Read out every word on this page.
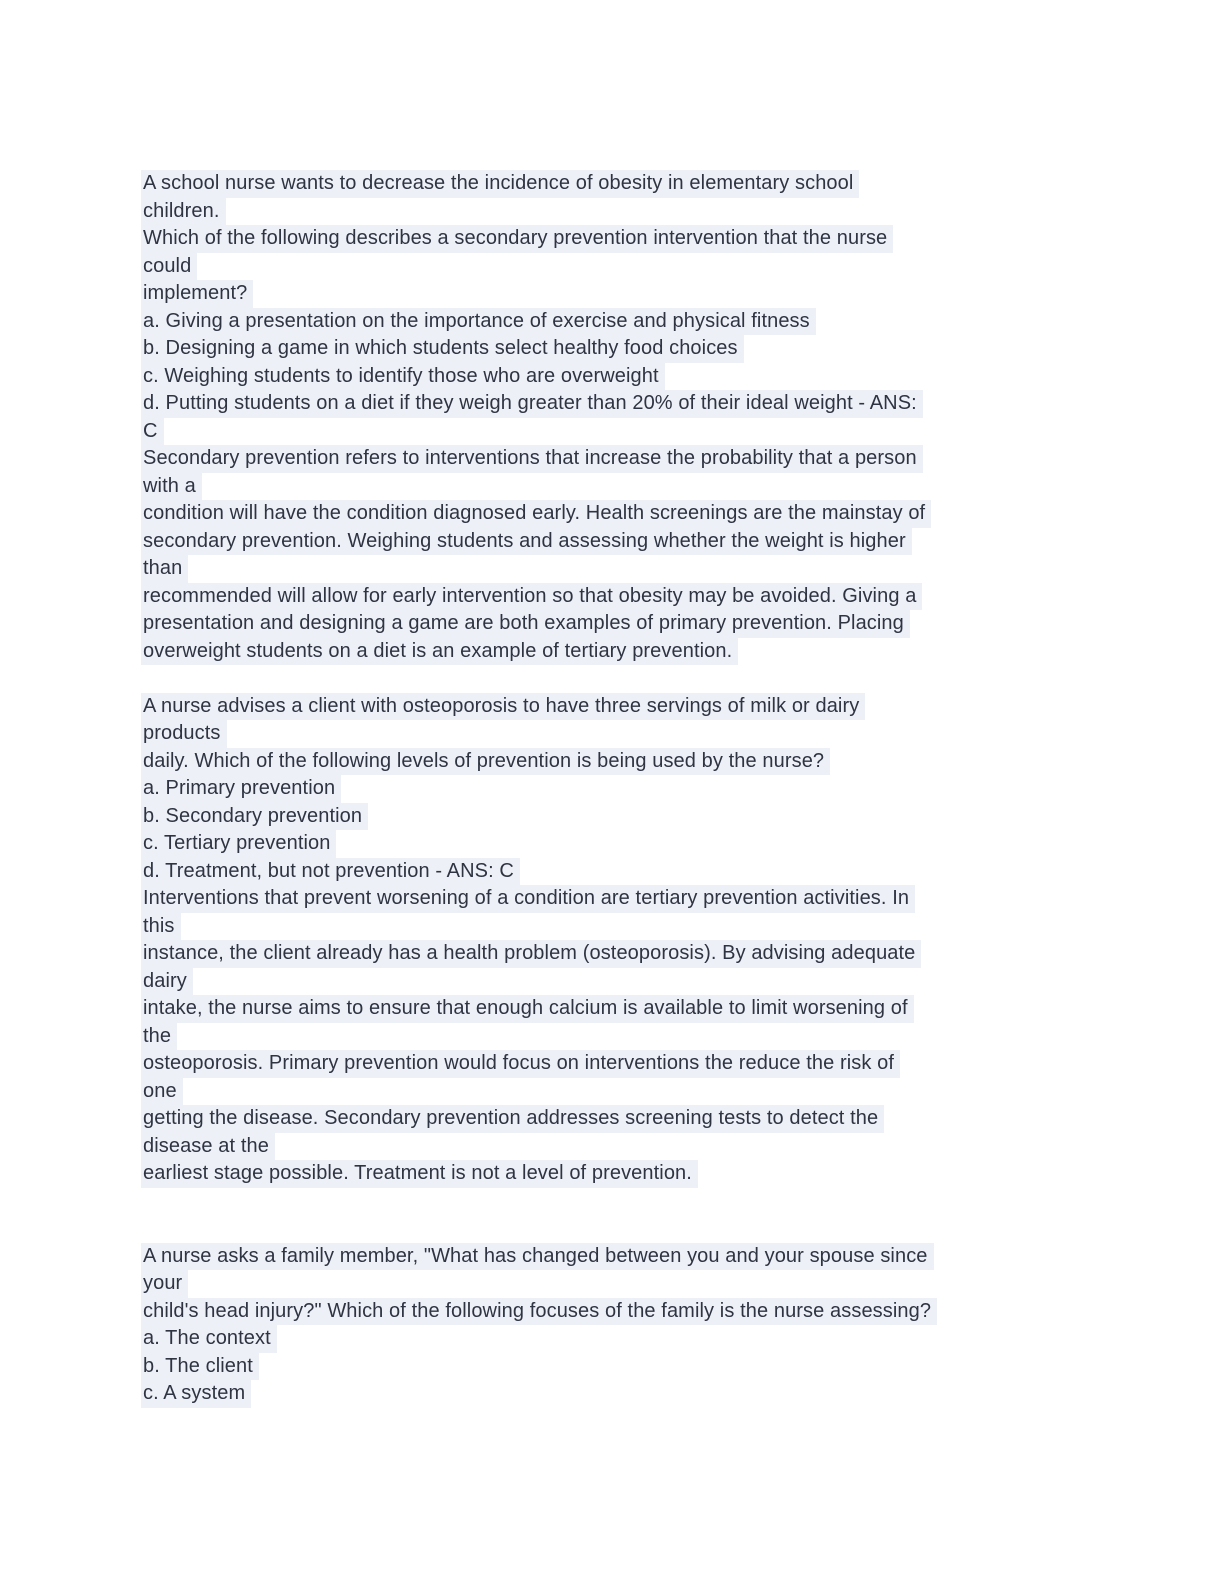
A school nurse wants to decrease the incidence of obesity in elementary school
children.
Which of the following describes a secondary prevention intervention that the nurse
could
implement?
a. Giving a presentation on the importance of exercise and physical fitness
b. Designing a game in which students select healthy food choices
c. Weighing students to identify those who are overweight
d. Putting students on a diet if they weigh greater than 20% of their ideal weight - ANS:
C
Secondary prevention refers to interventions that increase the probability that a person
with a
condition will have the condition diagnosed early. Health screenings are the mainstay of
secondary prevention. Weighing students and assessing whether the weight is higher
than
recommended will allow for early intervention so that obesity may be avoided. Giving a
presentation and designing a game are both examples of primary prevention. Placing
overweight students on a diet is an example of tertiary prevention.
A nurse advises a client with osteoporosis to have three servings of milk or dairy
products
daily. Which of the following levels of prevention is being used by the nurse?
a. Primary prevention
b. Secondary prevention
c. Tertiary prevention
d. Treatment, but not prevention - ANS: C
Interventions that prevent worsening of a condition are tertiary prevention activities. In
this
instance, the client already has a health problem (osteoporosis). By advising adequate
dairy
intake, the nurse aims to ensure that enough calcium is available to limit worsening of
the
osteoporosis. Primary prevention would focus on interventions the reduce the risk of
one
getting the disease. Secondary prevention addresses screening tests to detect the
disease at the
earliest stage possible. Treatment is not a level of prevention.
A nurse asks a family member, "What has changed between you and your spouse since
your
child's head injury?" Which of the following focuses of the family is the nurse assessing?
a. The context
b. The client
c. A system
